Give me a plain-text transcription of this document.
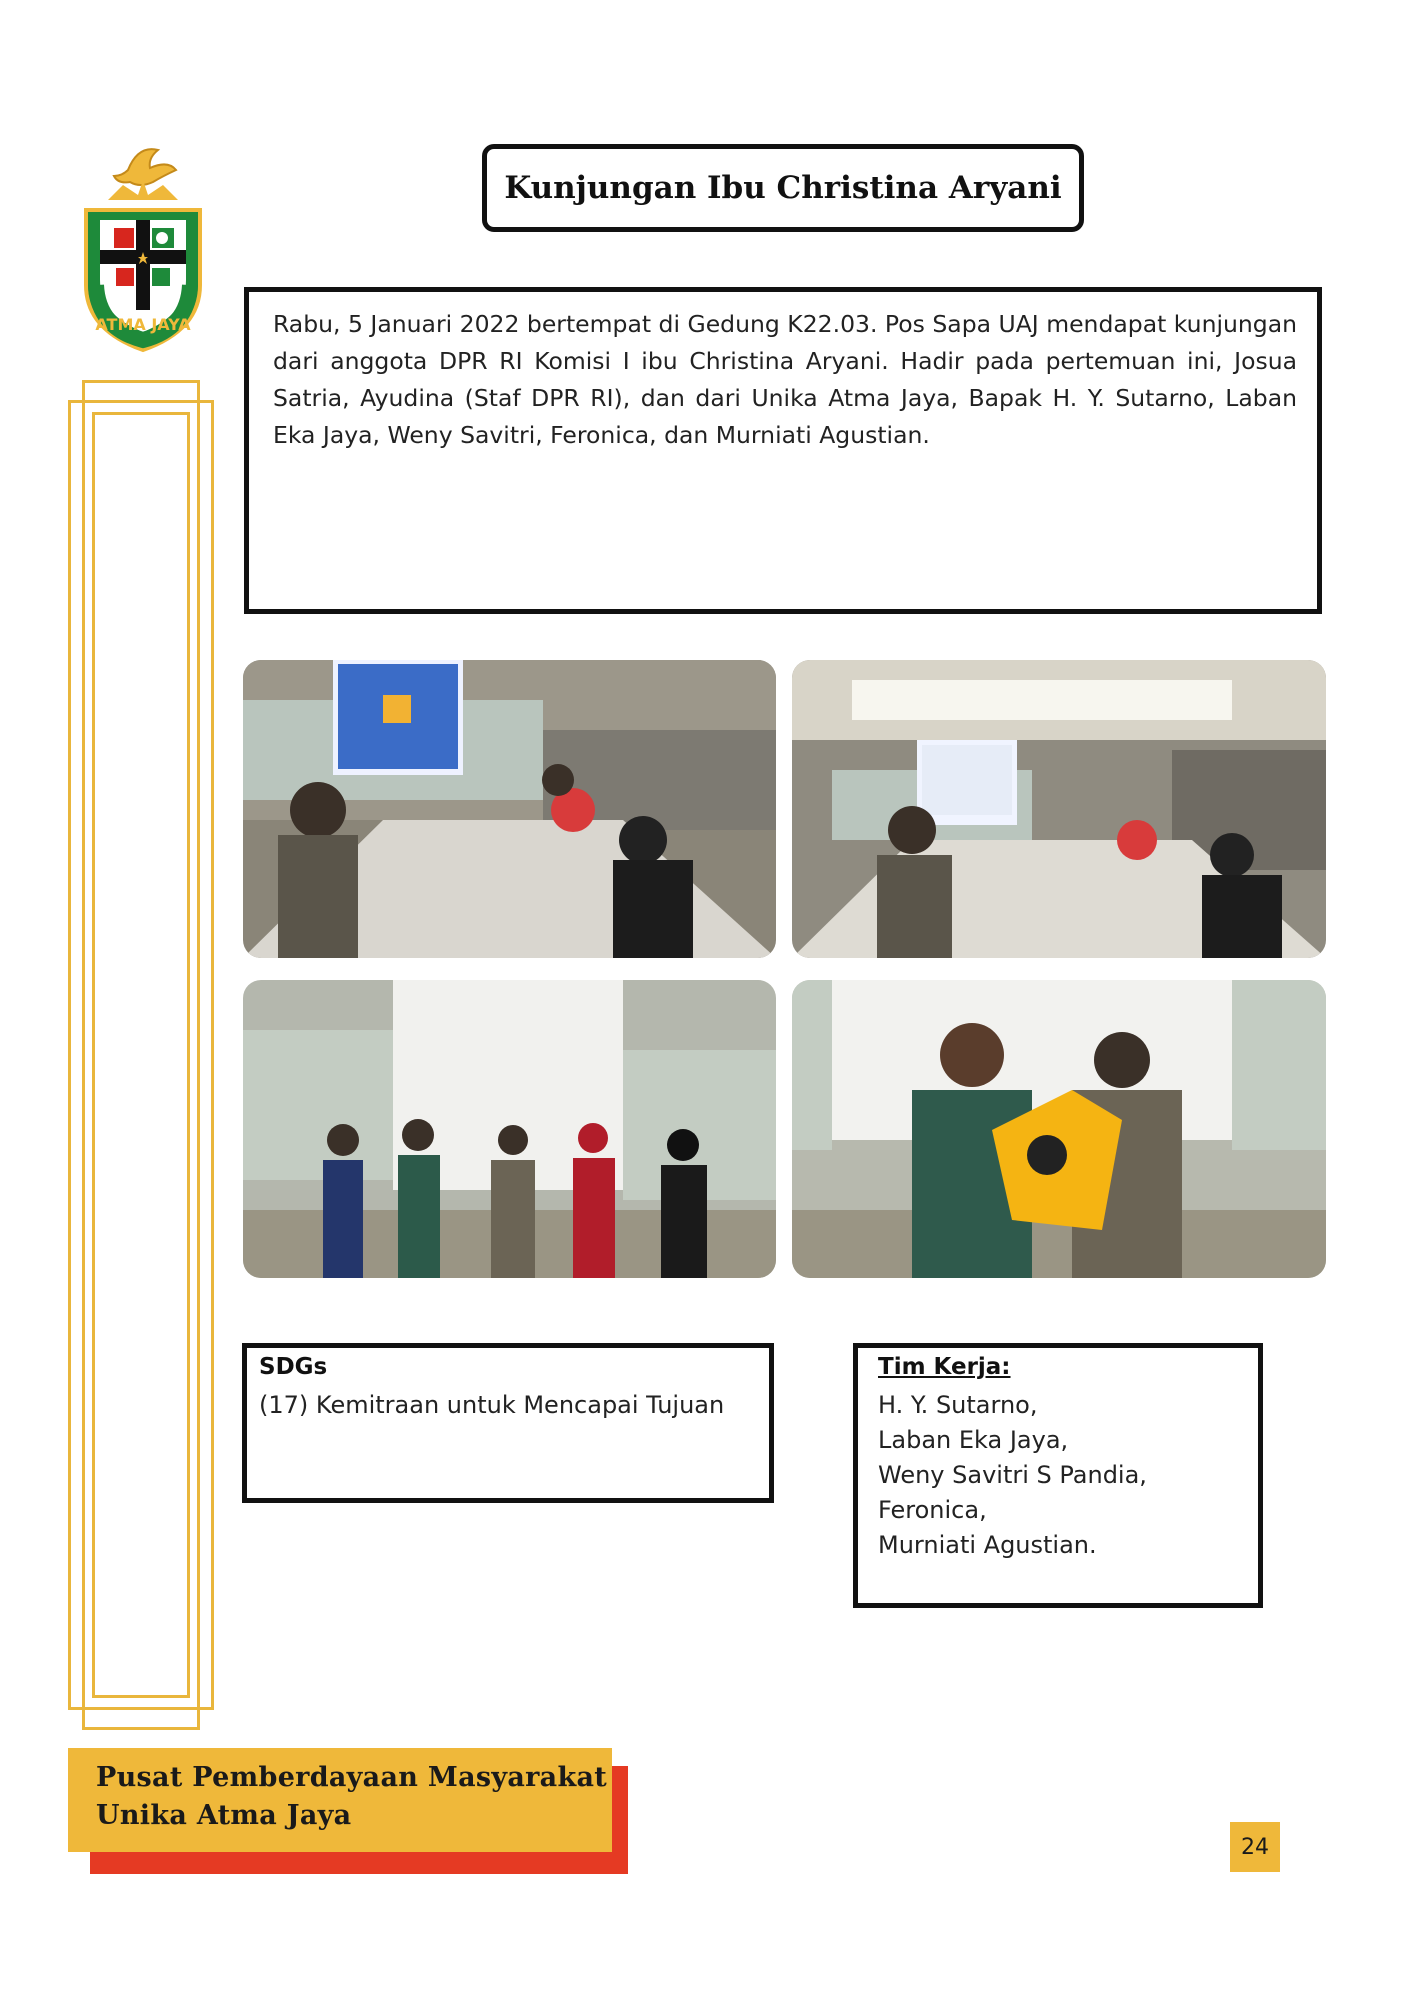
ATMA JAYA
Kunjungan Ibu Christina Aryani

Rabu, 5 Januari 2022 bertempat di Gedung K22.03. Pos Sapa UAJ mendapat kunjungan dari anggota DPR RI Komisi I ibu Christina Aryani. Hadir pada pertemuan ini, Josua Satria, Ayudina (Staf DPR RI), dan dari Unika Atma Jaya, Bapak H. Y. Sutarno, Laban Eka Jaya, Weny Savitri, Feronica, dan Murniati Agustian.

SDGs
(17) Kemitraan untuk Mencapai Tujuan
Tim Kerja:
H. Y. Sutarno,
Laban Eka Jaya,
Weny Savitri S Pandia,
Feronica,
Murniati Agustian.
Pusat Pemberdayaan Masyarakat
Unika Atma Jaya
24
